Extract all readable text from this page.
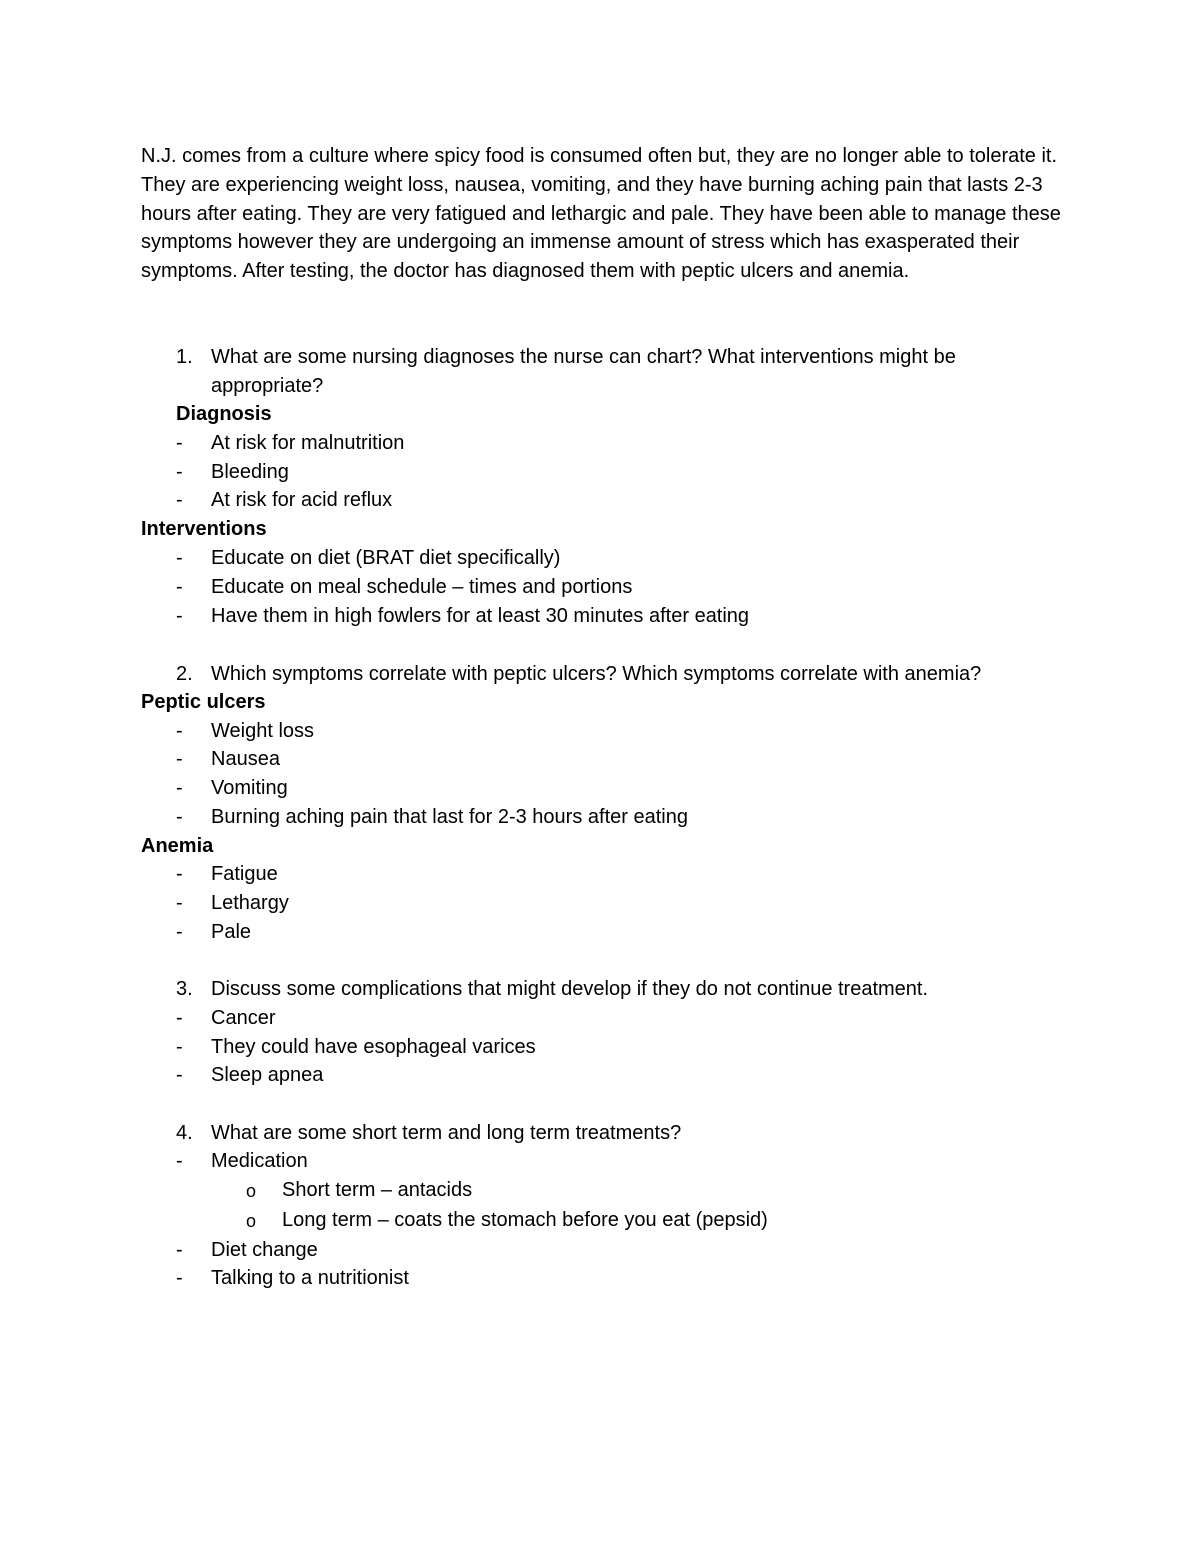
N.J. comes from a culture where spicy food is consumed often but, they are no longer able to tolerate it. They are experiencing weight loss, nausea, vomiting, and they have burning aching pain that lasts 2-3 hours after eating. They are very fatigued and lethargic and pale. They have been able to manage these symptoms however they are undergoing an immense amount of stress which has exasperated their symptoms. After testing, the doctor has diagnosed them with peptic ulcers and anemia.

1. What are some nursing diagnoses the nurse can chart? What interventions might be
appropriate?
Diagnosis
- At risk for malnutrition
- Bleeding
- At risk for acid reflux
Interventions
- Educate on diet (BRAT diet specifically)
- Educate on meal schedule – times and portions
- Have them in high fowlers for at least 30 minutes after eating
2. Which symptoms correlate with peptic ulcers? Which symptoms correlate with anemia?
Peptic ulcers
- Weight loss
- Nausea
- Vomiting
- Burning aching pain that last for 2-3 hours after eating
Anemia
- Fatigue
- Lethargy
- Pale
3. Discuss some complications that might develop if they do not continue treatment.
- Cancer
- They could have esophageal varices
- Sleep apnea
4. What are some short term and long term treatments?
- Medication
o Short term – antacids
o Long term – coats the stomach before you eat (pepsid)
- Diet change
- Talking to a nutritionist
